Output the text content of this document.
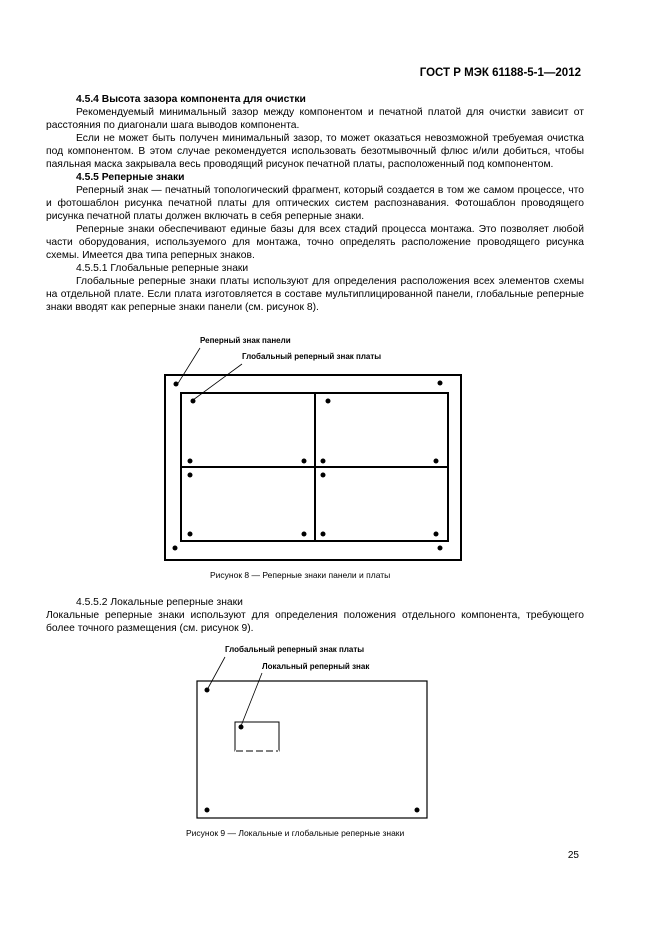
ГОСТ Р МЭК 61188-5-1—2012

4.5.4 Высота зазора компонента для очистки

Рекомендуемый минимальный зазор между компонентом и печатной платой для очистки зависит от расстояния по диагонали шага выводов компонента.

Если не может быть получен минимальный зазор, то может оказаться невозможной требуемая очистка под компонентом. В этом случае рекомендуется использовать безотмывочный флюс и/или добиться, чтобы паяльная маска закрывала весь проводящий рисунок печатной платы, расположенный под компонентом.

4.5.5 Реперные знаки

Реперный знак — печатный топологический фрагмент, который создается в том же самом процессе, что и фотошаблон рисунка печатной платы для оптических систем распознавания. Фотошаблон проводящего рисунка печатной платы должен включать в себя реперные знаки.

Реперные знаки обеспечивают единые базы для всех стадий процесса монтажа. Это позволяет любой части оборудования, используемого для монтажа, точно определять расположение проводящего рисунка схемы. Имеется два типа реперных знаков.

4.5.5.1 Глобальные реперные знаки

Глобальные реперные знаки платы используют для определения расположения всех элементов схемы на отдельной плате. Если плата изготовляется в составе мультиплицированной панели, глобальные реперные знаки вводят как реперные знаки панели (см. рисунок 8).

Реперный знак панели
Глобальный реперный знак платы
Рисунок 8 — Реперные знаки панели и платы

4.5.5.2 Локальные реперные знаки

Локальные реперные знаки используют для определения положения отдельного компонента, требующего более точного размещения (см. рисунок 9).

Глобальный реперный знак платы
Локальный реперный знак
Рисунок 9 — Локальные и глобальные реперные знаки
25
